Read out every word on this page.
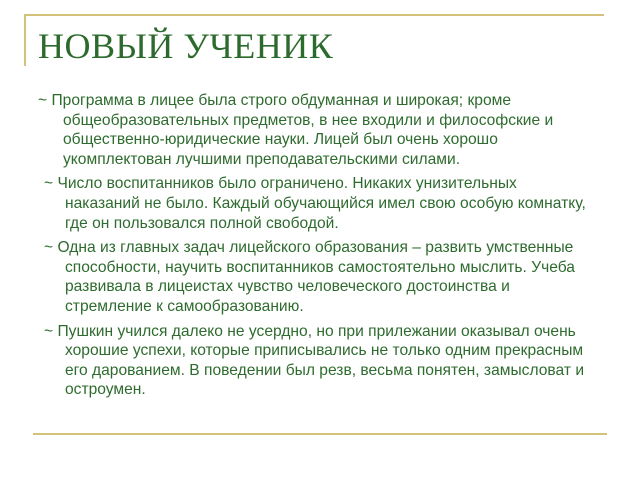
НОВЫЙ УЧЕНИК
~ Программа в лицее была строго обдуманная и широкая; кроме общеобразовательных предметов, в нее входили и философские и общественно-юридические науки. Лицей был очень хорошо укомплектован лучшими преподавательскими силами.
~ Число воспитанников было ограничено. Никаких унизительных наказаний не было. Каждый обучающийся имел свою особую комнатку, где он пользовался полной свободой.
~ Одна из главных задач лицейского образования – развить умственные способности, научить воспитанников самостоятельно мыслить. Учеба развивала в лицеистах чувство человеческого достоинства и стремление к самообразованию.
~ Пушкин учился далеко не усердно, но при прилежании оказывал очень хорошие успехи, которые приписывались не только одним прекрасным его дарованием. В поведении был резв, весьма понятен, замысловат и остроумен.
